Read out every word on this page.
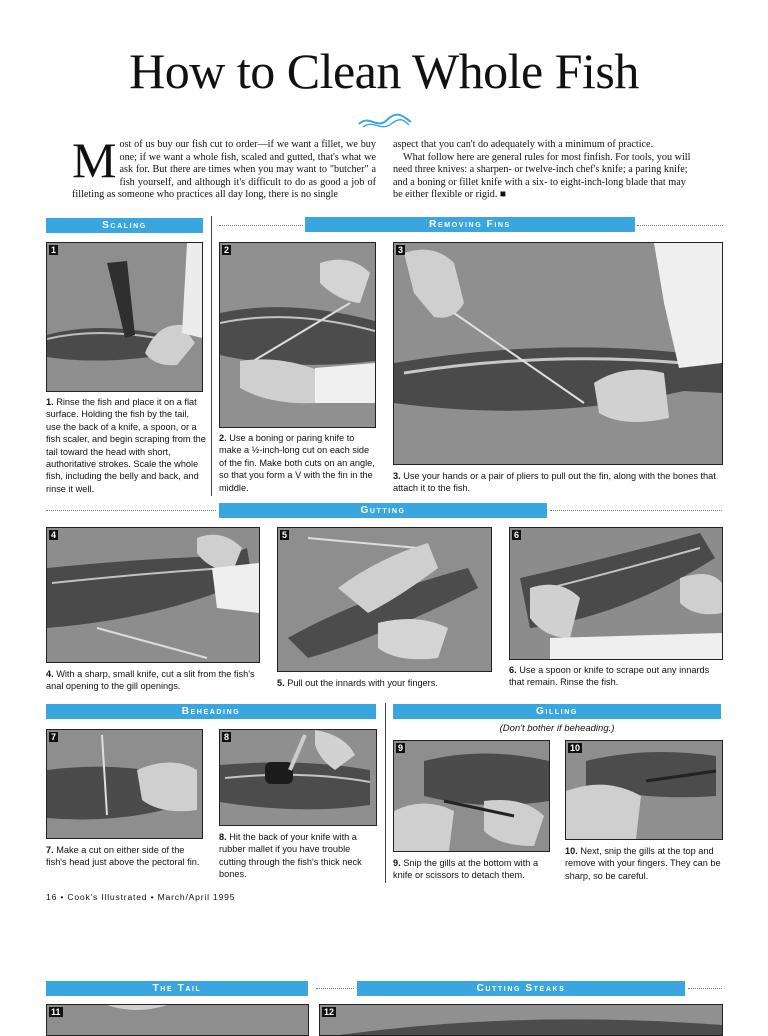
How to Clean Whole Fish
Most of us buy our fish cut to order—if we want a fillet, we buy one; if we want a whole fish, scaled and gutted, that's what we ask for. But there are times when you may want to "butcher" a fish yourself, and although it's difficult to do as good a job of filleting as someone who practices all day long, there is no single

aspect that you can't do adequately with a minimum of practice.

What follow here are general rules for most finfish. For tools, you will need three knives: a sharpen- or twelve-inch chef's knife; a paring knife; and a boning or fillet knife with a six- to eight-inch-long blade that may be either flexible or rigid. ■

Scaling	Removing Fins
1
1. Rinse the fish and place it on a flat surface. Holding the fish by the tail, use the back of a knife, a spoon, or a fish scaler, and begin scraping from the tail toward the head with short, authoritative strokes. Scale the whole fish, including the belly and back, and rinse it well.
2
2. Use a boning or paring knife to make a ½-inch-long cut on each side of the fin. Make both cuts on an angle, so that you form a V with the fin in the middle.
3
3. Use your hands or a pair of pliers to pull out the fin, along with the bones that attach it to the fish.
Gutting
4
4. With a sharp, small knife, cut a slit from the fish's anal opening to the gill openings.
5
5. Pull out the innards with your fingers.
6
6. Use a spoon or knife to scrape out any innards that remain. Rinse the fish.
Beheading	Gilling
(Don't bother if beheading.)
7
7. Make a cut on either side of the fish's head just above the pectoral fin.
8
8. Hit the back of your knife with a rubber mallet if you have trouble cutting through the fish's thick neck bones.
9
9. Snip the gills at the bottom with a knife or scissors to detach them.
10
10. Next, snip the gills at the top and remove with your fingers. They can be sharp, so be careful.
16 • Cook's Illustrated • March/April 1995
The Tail	Cutting Steaks
11	12
